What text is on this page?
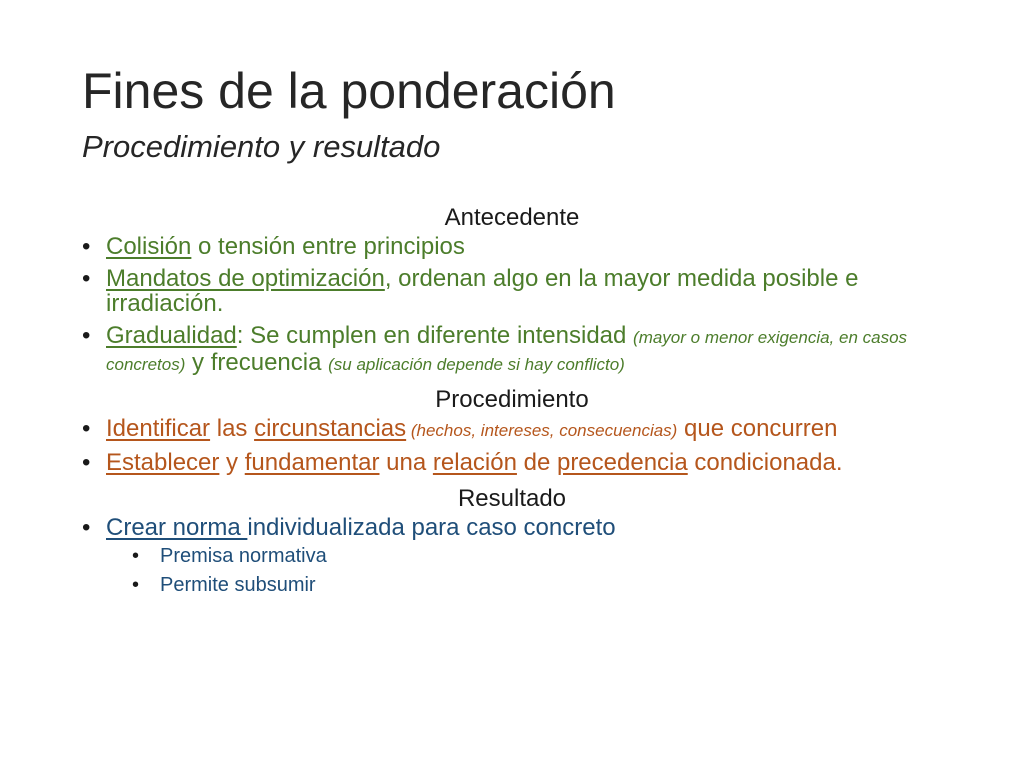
Fines de la ponderación
Procedimiento y resultado

Antecedente

• Colisión o tensión entre principios
• Mandatos de optimización, ordenan algo en la mayor medida posible e irradiación.
• Gradualidad: Se cumplen en diferente intensidad (mayor o menor exigencia, en casos concretos) y frecuencia (su aplicación depende si hay conflicto)

Procedimiento

• Identificar las circunstancias (hechos, intereses, consecuencias) que concurren
• Establecer y fundamentar una relación de precedencia condicionada.

Resultado

• Crear norma individualizada para caso concreto
• Premisa normativa
• Permite subsumir
